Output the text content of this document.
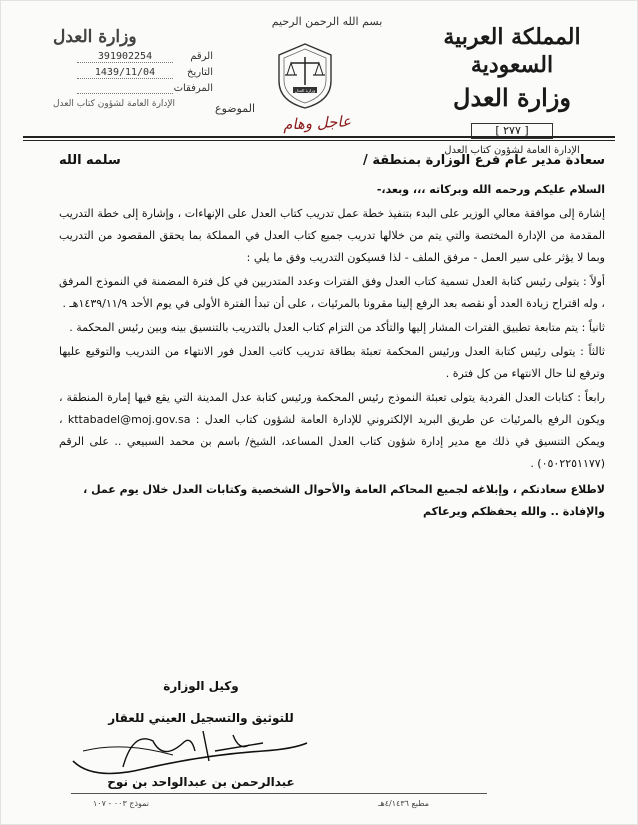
بسم الله الرحمن الرحيم
المملكة العربية السعودية
وزارة العدل
[ ٢٧٧ ]
الإدارة العامة لشؤون كتاب العدل
وزارة العدل
وزارة العدل
الرقم
391902254
التاريخ
1439/11/04
المرفقات
الإدارة العامة لشؤون كتاب العدل	الموضوع
عاجل وهام
سعادة مدير عام فرع الوزارة بمنطقة /
سلمه الله
السلام عليكم ورحمه الله وبركاته ،،، وبعد،-
إشارة إلى موافقة معالي الوزير على البدء بتنفيذ خطة عمل تدريب كتاب العدل على الإنهاءات ، وإشارة إلى خطة التدريب المقدمة من الإدارة المختصة والتي يتم من خلالها تدريب جميع كتاب العدل في المملكة بما يحقق المقصود من التدريب وبما لا يؤثر على سير العمل - مرفق الملف - لذا فسيكون التدريب وفق ما يلي :
أولاً : يتولى رئيس كتابة العدل تسمية كتاب العدل وفق الفترات وعدد المتدربين في كل فترة المضمنة في النموذج المرفق ، وله اقتراح زيادة العدد أو نقصه بعد الرفع إلينا مقرونا بالمرئيات ، على أن تبدأ الفترة الأولى في يوم الأحد ١٤٣٩/١١/٩هـ .
ثانياً : يتم متابعة تطبيق الفترات المشار إليها والتأكد من التزام كتاب العدل بالتدريب بالتنسيق بينه وبين رئيس المحكمة .
ثالثاً : يتولى رئيس كتابة العدل ورئيس المحكمة تعبئة بطاقة تدريب كاتب العدل فور الانتهاء من التدريب والتوقيع عليها وترفع لنا حال الانتهاء من كل فترة .
رابعاً : كتابات العدل الفردية يتولى تعبئة النموذج رئيس المحكمة ورئيس كتابة عدل المدينة التي يقع فيها إمارة المنطقة ، ويكون الرفع بالمرئيات عن طريق البريد الإلكتروني للإدارة العامة لشؤون كتاب العدل : kttabadel@moj.gov.sa ، ويمكن التنسيق في ذلك مع مدير إدارة شؤون كتاب العدل المساعد، الشيخ/ باسم بن محمد السبيعي .. على الرقم (٠٥٠٢٢٥١١٧٧) .
لاطلاع سعادتكم ، وإبلاغه لجميع المحاكم العامة والأحوال الشخصية وكتابات العدل خلال يوم عمل ، والإفادة .. والله يحفظكم ويرعاكم
وكيل الوزارة
للتوثيق والتسجيل العيني للعقار
عبدالرحمن بن عبدالواحد بن نوح
نموذج ٠٠٣ - ١٠٧	مطبع ٤/١٤٣٦هـ
